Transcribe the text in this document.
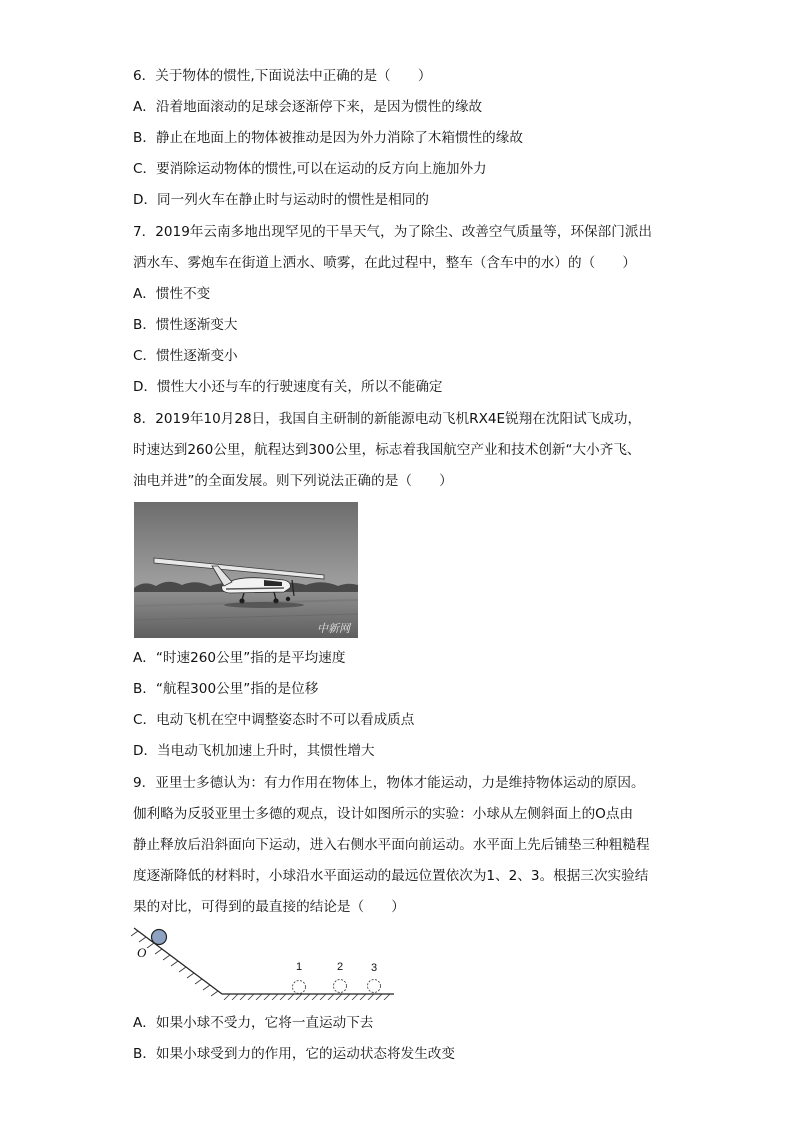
6．关于物体的惯性,下面说法中正确的是（　　）
A．沿着地面滚动的足球会逐渐停下来，是因为惯性的缘故
B．静止在地面上的物体被推动是因为外力消除了木箱惯性的缘故
C．要消除运动物体的惯性,可以在运动的反方向上施加外力
D．同一列火车在静止时与运动时的惯性是相同的
7．2019年云南多地出现罕见的干旱天气，为了除尘、改善空气质量等，环保部门派出
洒水车、雾炮车在街道上洒水、喷雾，在此过程中，整车（含车中的水）的（　　）
A．惯性不变
B．惯性逐渐变大
C．惯性逐渐变小
D．惯性大小还与车的行驶速度有关，所以不能确定
8．2019年10月28日，我国自主研制的新能源电动飞机RX4E锐翔在沈阳试飞成功，
时速达到260公里，航程达到300公里，标志着我国航空产业和技术创新“大小齐飞、
油电并进”的全面发展。则下列说法正确的是（　　）
中新网
A．“时速260公里”指的是平均速度
B．“航程300公里”指的是位移
C．电动飞机在空中调整姿态时不可以看成质点
D．当电动飞机加速上升时，其惯性增大
9．亚里士多德认为：有力作用在物体上，物体才能运动，力是维持物体运动的原因。
伽利略为反驳亚里士多德的观点，设计如图所示的实验：小球从左侧斜面上的O点由
静止释放后沿斜面向下运动，进入右侧水平面向前运动。水平面上先后铺垫三种粗糙程
度逐渐降低的材料时，小球沿水平面运动的最远位置依次为1、2、3。根据三次实验结
果的对比，可得到的最直接的结论是（　　）
O
1	2	3
A．如果小球不受力，它将一直运动下去
B．如果小球受到力的作用，它的运动状态将发生改变
